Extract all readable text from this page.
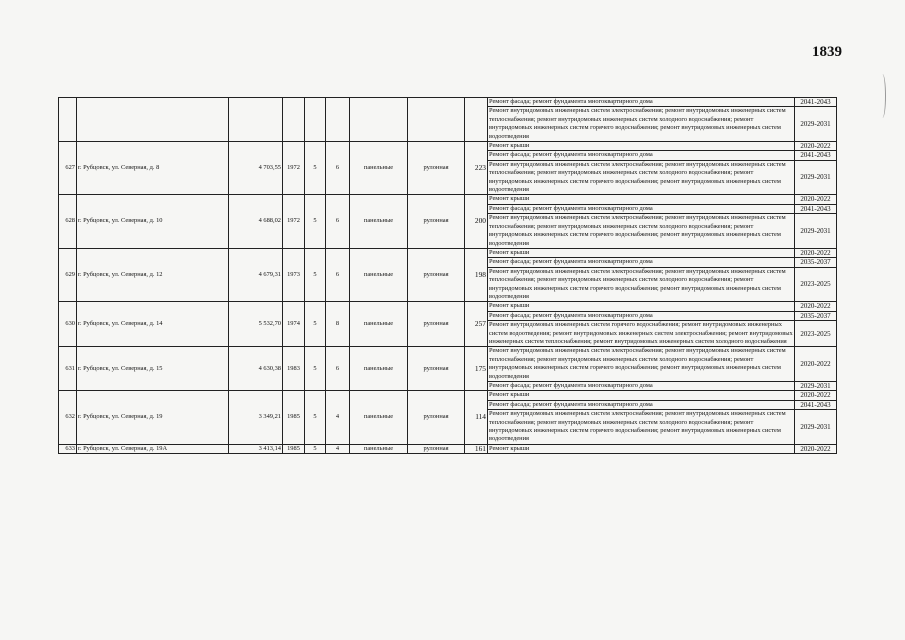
1839
									Ремонт фасада; ремонт фундамента многоквартирного дома	2041-2043
									Ремонт внутридомовых инженерных систем электроснабжения; ремонт внутридомовых инженерных систем теплоснабжения; ремонт внутридомовых инженерных систем холодного водоснабжения; ремонт внутридомовых инженерных систем горячего водоснабжения; ремонт внутридомовых инженерных систем водоотведения	2029-2031
627	г. Рубцовск, ул. Северная, д. 8	4 703,55	1972	5	6	панельные	рулонная	223	Ремонт крыши	2020-2022
									Ремонт фасада; ремонт фундамента многоквартирного дома	2041-2043
									Ремонт внутридомовых инженерных систем электроснабжения; ремонт внутридомовых инженерных систем теплоснабжения; ремонт внутридомовых инженерных систем холодного водоснабжения; ремонт внутридомовых инженерных систем горячего водоснабжения; ремонт внутридомовых инженерных систем водоотведения	2029-2031
628	г. Рубцовск, ул. Северная, д. 10	4 688,02	1972	5	6	панельные	рулонная	200	Ремонт крыши	2020-2022
									Ремонт фасада; ремонт фундамента многоквартирного дома	2041-2043
									Ремонт внутридомовых инженерных систем электроснабжения; ремонт внутридомовых инженерных систем теплоснабжения; ремонт внутридомовых инженерных систем холодного водоснабжения; ремонт внутридомовых инженерных систем горячего водоснабжения; ремонт внутридомовых инженерных систем водоотведения	2029-2031
629	г. Рубцовск, ул. Северная, д. 12	4 679,31	1973	5	6	панельные	рулонная	198	Ремонт крыши	2020-2022
									Ремонт фасада; ремонт фундамента многоквартирного дома	2035-2037
									Ремонт внутридомовых инженерных систем электроснабжения; ремонт внутридомовых инженерных систем теплоснабжения; ремонт внутридомовых инженерных систем холодного водоснабжения; ремонт внутридомовых инженерных систем горячего водоснабжения; ремонт внутридомовых инженерных систем водоотведения	2023-2025
630	г. Рубцовск, ул. Северная, д. 14	5 532,70	1974	5	8	панельные	рулонная	257	Ремонт крыши	2020-2022
									Ремонт фасада; ремонт фундамента многоквартирного дома	2035-2037
									Ремонт внутридомовых инженерных систем горячего водоснабжения; ремонт внутридомовых инженерных систем водоотведения; ремонт внутридомовых инженерных систем электроснабжения; ремонт внутридомовых инженерных систем теплоснабжения; ремонт внутридомовых инженерных систем холодного водоснабжения	2023-2025
631	г. Рубцовск, ул. Северная, д. 15	4 630,38	1983	5	6	панельные	рулонная	175	Ремонт внутридомовых инженерных систем электроснабжения; ремонт внутридомовых инженерных систем теплоснабжения; ремонт внутридомовых инженерных систем холодного водоснабжения; ремонт внутридомовых инженерных систем горячего водоснабжения; ремонт внутридомовых инженерных систем водоотведения	2020-2022
									Ремонт фасада; ремонт фундамента многоквартирного дома	2029-2031
632	г. Рубцовск, ул. Северная, д. 19	3 349,21	1985	5	4	панельные	рулонная	114	Ремонт крыши	2020-2022
									Ремонт фасада; ремонт фундамента многоквартирного дома	2041-2043
									Ремонт внутридомовых инженерных систем электроснабжения; ремонт внутридомовых инженерных систем теплоснабжения; ремонт внутридомовых инженерных систем холодного водоснабжения; ремонт внутридомовых инженерных систем горячего водоснабжения; ремонт внутридомовых инженерных систем водоотведения	2029-2031
633	г. Рубцовск, ул. Северная, д. 19А	3 413,14	1985	5	4	панельные	рулонная	161	Ремонт крыши	2020-2022
